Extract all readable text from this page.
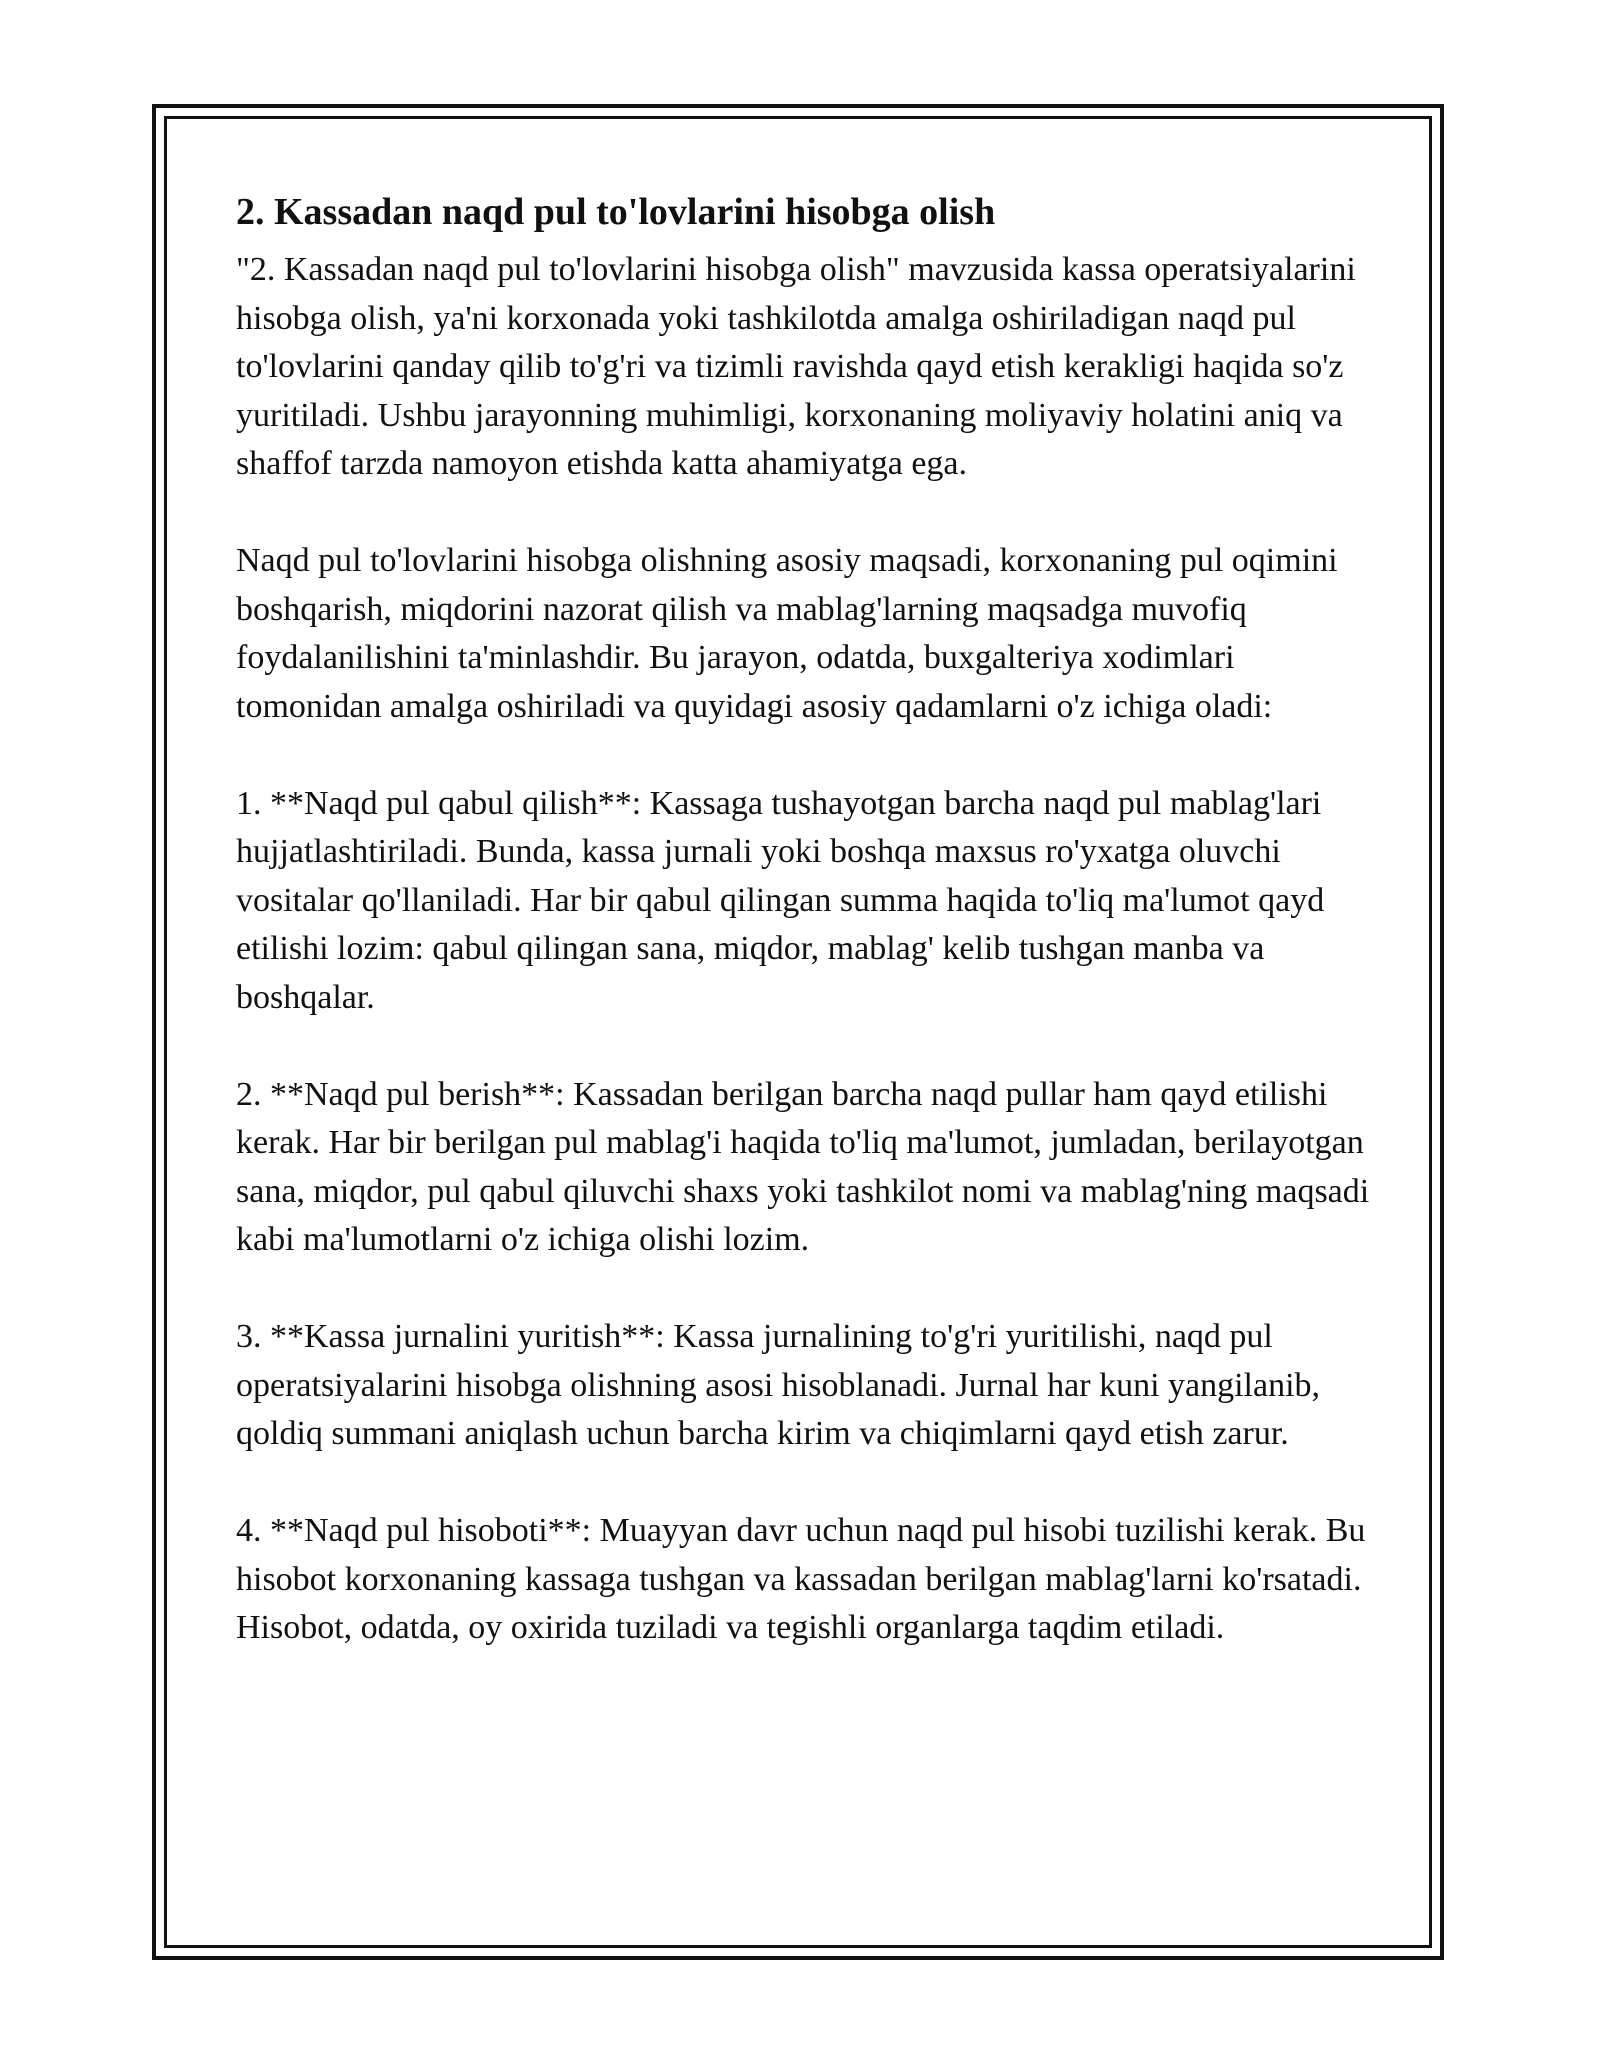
2. Kassadan naqd pul to'lovlarini hisobga olish

"2. Kassadan naqd pul to'lovlarini hisobga olish" mavzusida kassa operatsiyalarini hisobga olish, ya'ni korxonada yoki tashkilotda amalga oshiriladigan naqd pul to'lovlarini qanday qilib to'g'ri va tizimli ravishda qayd etish kerakligi haqida so'z yuritiladi. Ushbu jarayonning muhimligi, korxonaning moliyaviy holatini aniq va shaffof tarzda namoyon etishda katta ahamiyatga ega.

Naqd pul to'lovlarini hisobga olishning asosiy maqsadi, korxonaning pul oqimini boshqarish, miqdorini nazorat qilish va mablag'larning maqsadga muvofiq foydalanilishini ta'minlashdir. Bu jarayon, odatda, buxgalteriya xodimlari tomonidan amalga oshiriladi va quyidagi asosiy qadamlarni o'z ichiga oladi:

1. **Naqd pul qabul qilish**: Kassaga tushayotgan barcha naqd pul mablag'lari hujjatlashtiriladi. Bunda, kassa jurnali yoki boshqa maxsus ro'yxatga oluvchi vositalar qo'llaniladi. Har bir qabul qilingan summa haqida to'liq ma'lumot qayd etilishi lozim: qabul qilingan sana, miqdor, mablag' kelib tushgan manba va boshqalar.

2. **Naqd pul berish**: Kassadan berilgan barcha naqd pullar ham qayd etilishi kerak. Har bir berilgan pul mablag'i haqida to'liq ma'lumot, jumladan, berilayotgan sana, miqdor, pul qabul qiluvchi shaxs yoki tashkilot nomi va mablag'ning maqsadi kabi ma'lumotlarni o'z ichiga olishi lozim.

3. **Kassa jurnalini yuritish**: Kassa jurnalining to'g'ri yuritilishi, naqd pul operatsiyalarini hisobga olishning asosi hisoblanadi. Jurnal har kuni yangilanib, qoldiq summani aniqlash uchun barcha kirim va chiqimlarni qayd etish zarur.

4. **Naqd pul hisoboti**: Muayyan davr uchun naqd pul hisobi tuzilishi kerak. Bu hisobot korxonaning kassaga tushgan va kassadan berilgan mablag'larni ko'rsatadi. Hisobot, odatda, oy oxirida tuziladi va tegishli organlarga taqdim etiladi.
